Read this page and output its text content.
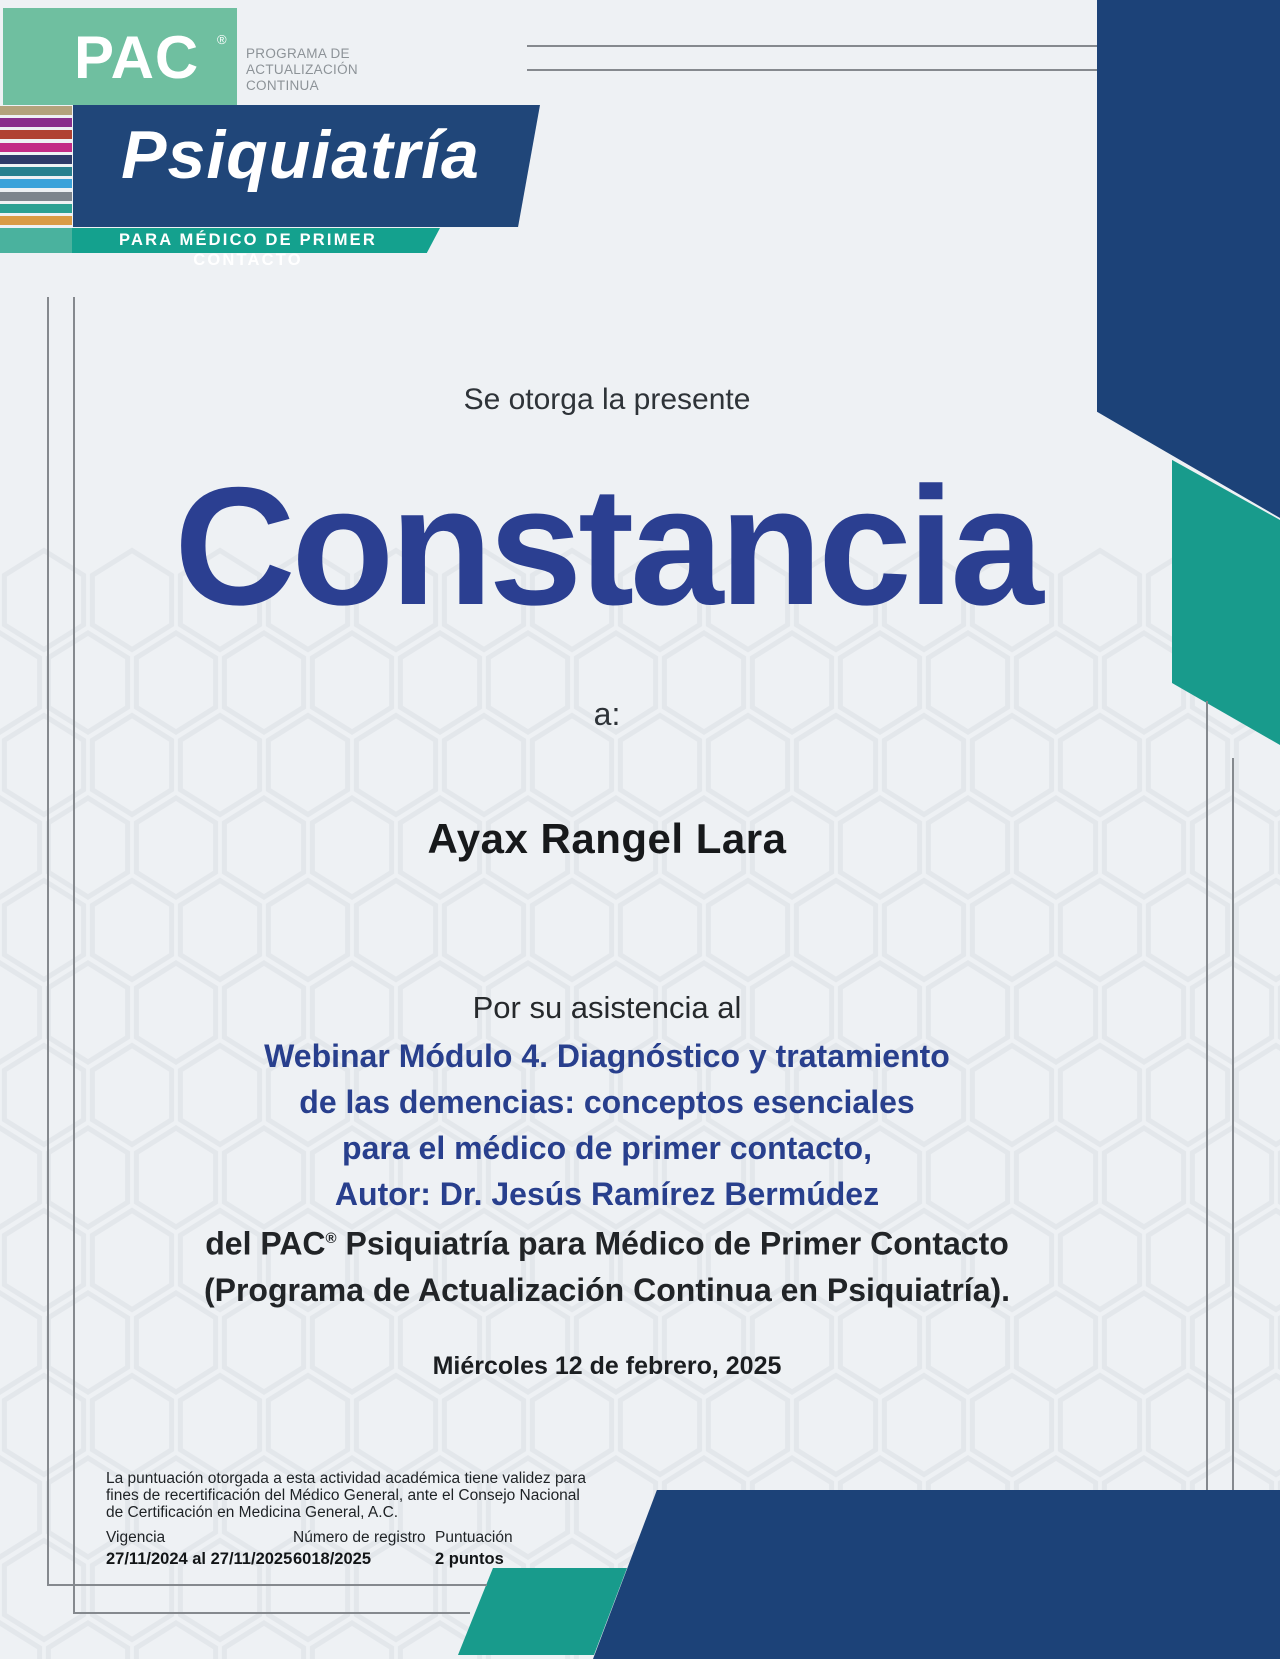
PAC ®
PROGRAMA DE
ACTUALIZACIÓN
CONTINUA
Psiquiatría
PARA MÉDICO DE PRIMER CONTACTO
Se otorga la presente
Constancia
a:
Ayax Rangel Lara
Por su asistencia al
Webinar Módulo 4. Diagnóstico y tratamiento
de las demencias: conceptos esenciales
para el médico de primer contacto,
Autor: Dr. Jesús Ramírez Bermúdez
del PAC® Psiquiatría para Médico de Primer Contacto
(Programa de Actualización Continua en Psiquiatría).
Miércoles 12 de febrero, 2025
La puntuación otorgada a esta actividad académica tiene validez para
fines de recertificación del Médico General, ante el Consejo Nacional
de Certificación en Medicina General, A.C.
Vigencia	Número de registro Puntuación
27/11/2024 al 27/11/2025 6018/2025	2 puntos
